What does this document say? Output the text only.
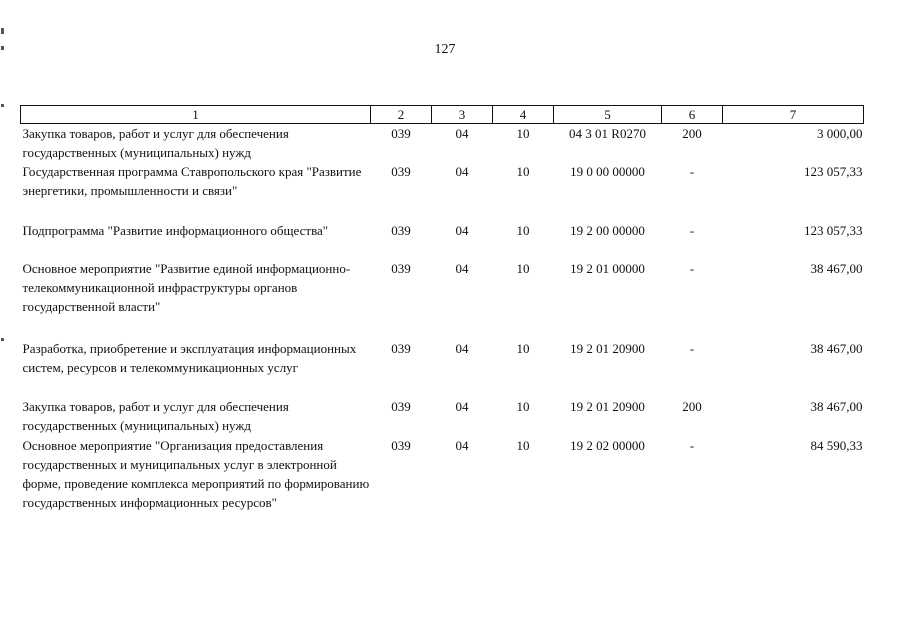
127
1	2	3	4	5	6	7
Закупка товаров, работ и услуг для обеспечения государственных (муниципальных) нужд	039	04	10	04 3 01 R0270	200	3 000,00
Государственная программа Ставропольского края "Развитие энергетики, промышленности и связи"	039	04	10	19 0 00 00000	-	123 057,33
Подпрограмма "Развитие информационного общества"	039	04	10	19 2 00 00000	-	123 057,33
Основное мероприятие "Развитие единой информационно-телекоммуникационной инфраструктуры органов государственной власти"	039	04	10	19 2 01 00000	-	38 467,00
Разработка, приобретение и эксплуатация информационных систем, ресурсов и телекоммуникационных услуг	039	04	10	19 2 01 20900	-	38 467,00
Закупка товаров, работ и услуг для обеспечения государственных (муниципальных) нужд	039	04	10	19 2 01 20900	200	38 467,00
Основное мероприятие "Организация предоставления государственных и муниципальных услуг в электронной форме, проведение комплекса мероприятий по формированию государственных информационных ресурсов"	039	04	10	19 2 02 00000	-	84 590,33
